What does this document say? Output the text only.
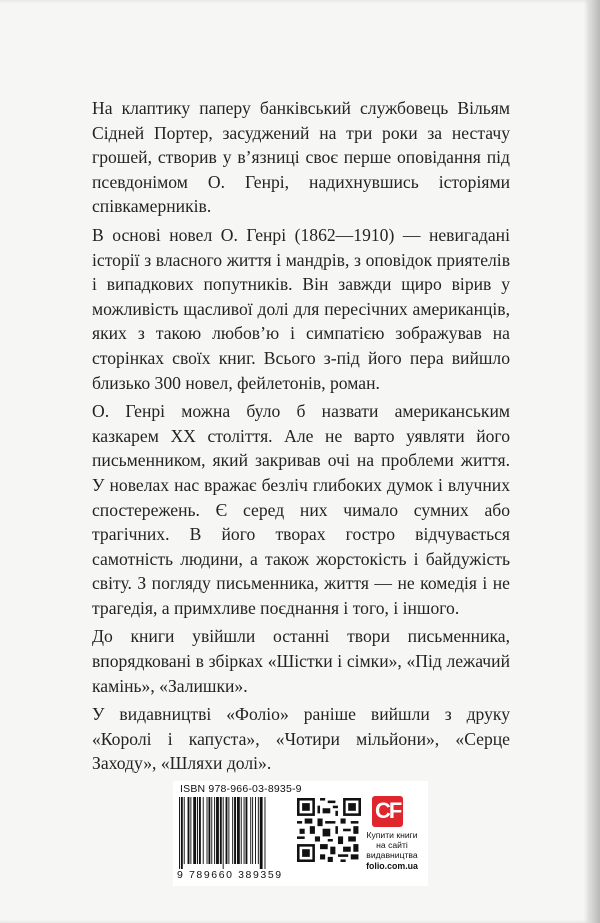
На клаптику паперу банківський службовець Вільям Сідней Портер, засуджений на три роки за нестачу грошей, створив у в’язниці своє перше оповідання під псевдонімом О. Генрі, надихнувшись історіями співкамерників.

В основі новел О. Генрі (1862—1910) — невигадані історії з власного життя і мандрів, з оповідок приятелів і випадкових попутників. Він завжди щиро вірив у можливість щасливої долі для пересічних американців, яких з такою любов’ю і симпатією зображував на сторінках своїх книг. Всього з-під його пера вийшло близько 300 новел, фейлетонів, роман.

О. Генрі можна було б назвати американським казкарем ХХ століття. Але не варто уявляти його письменником, який закривав очі на проблеми життя. У новелах нас вражає безліч глибоких думок і влучних спостережень. Є серед них чимало сумних або трагічних. В його творах гостро відчувається самотність людини, а також жорстокість і байдужість світу. З погляду письменника, життя — не комедія і не трагедія, а примхливе поєднання і того, і іншого.

До книги увійшли останні твори письменника, впорядковані в збірках «Шістки і сімки», «Під лежачий камінь», «Залишки».

У видавництві «Фоліо» раніше вийшли з друку «Королі і капуста», «Чотири мільйони», «Серце Заходу», «Шляхи долі».

ISBN 978-966-03-8935-9
9 789660 389359
CF
Купити книги
на сайті
видавництва
folio.com.ua
